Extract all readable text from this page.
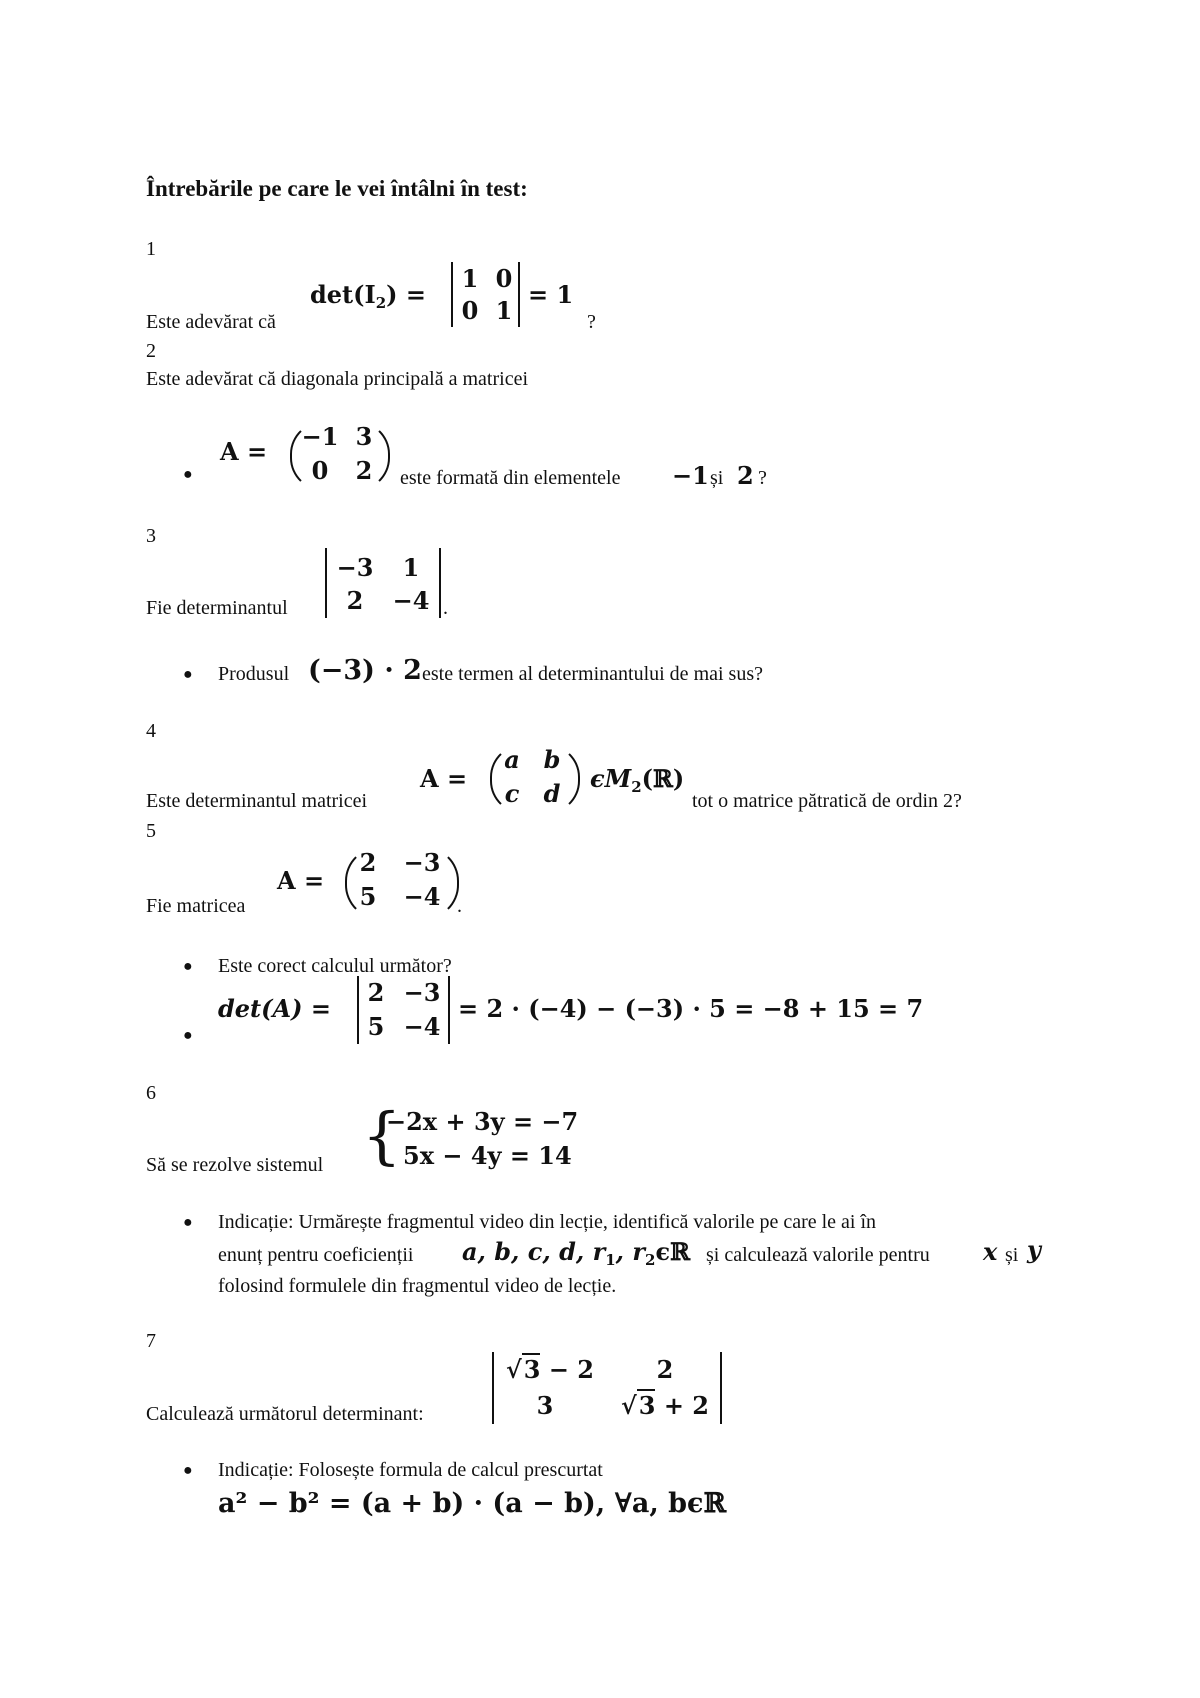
Întrebările pe care le vei întâlni în test:
1
Este adevărat că
$\det(I_2)$ =
1 0
0 1
= 1
?
2
Este adevărat că diagonala principală a matricei
●
A =
−1 3
0	2 este formată din elementele −1 și 2 ?
3
Fie determinantul
−3	1
2	−4 .
● Produsul (−3) · 2 este termen al determinantului de mai sus?
4
Este determinantul matricei
A =
a b
c d
$\epsilon M_2(ℝ)$
tot o matrice pătratică de ordin 2?
5
Fie matricea
A =
2 −3
5 −4 .
● Este corect calculul următor?
●
det(A) =
2 −3
5 −4
= 2 · (−4) − (−3) · 5 = −8 + 15 = 7
6
Să se rezolve sistemul {
−2x + 3y = −7
5x − 4y = 14
● Indicație: Urmărește fragmentul video din lecție, identifică valorile pe care le ai în
enunț pentru coeficienții a, b, c, d, $r_1$, $r_2\epsilon ℝ$ și calculează valorile pentru x și y
folosind formulele din fragmentul video de lecție.
7
Calculează următorul determinant:
√3 − 2	2
3	√3 + 2
● Indicație: Folosește formula de calcul prescurtat
a² − b² = (a + b) · (a − b), ∀a, bϵℝ
